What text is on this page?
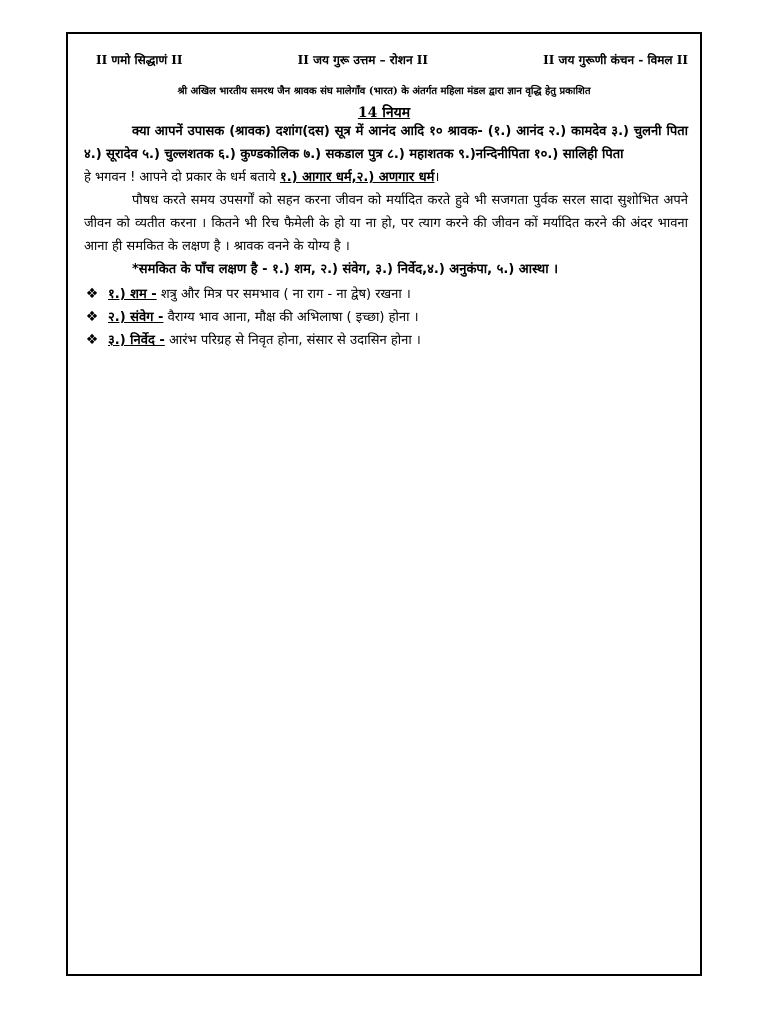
II णमो सिद्धाणं II	II जय गुरू उत्तम – रोशन II	II जय गुरूणी कंचन - विमल II
श्री अखिल भारतीय समरथ जैन श्रावक संघ मालेगाँव (भारत) के अंतर्गत महिला मंडल द्वारा ज्ञान वृद्धि हेतु प्रकाशित
14 नियम

क्या आपनें उपासक (श्रावक) दशांग(दस) सूत्र में आनंद आदि १० श्रावक- (१.) आनंद २.) कामदेव ३.) चुलनी पिता ४.) सूरादेव ५.) चुल्लशतक ६.) कुण्डकोलिक ७.) सकडाल पुत्र ८.) महाशतक ९.)नन्दिनीपिता १०.) सालिही पिता

हे भगवन ! आपने दो प्रकार के धर्म बताये १.) आगार धर्म,२.) अणगार धर्म।

पौषध करते समय उपसर्गों को सहन करना जीवन को मर्यादित करते हुवे भी सजगता पुर्वक सरल सादा सुशोभित अपने जीवन को व्यतीत करना । कितने भी रिच फैमेली के हो या ना हो, पर त्याग करने की जीवन कों मर्यादित करने की अंदर भावना आना ही समकित के लक्षण है । श्रावक वनने के योग्य है ।

*समकित के पाँच लक्षण है - १.) शम, २.) संवेग, ३.) निर्वेद,४.) अनुकंपा, ५.) आस्था ।

❖ १.) शम - शत्रु और मित्र पर समभाव ( ना राग - ना द्वेष) रखना ।
❖ २.) संवेग - वैराग्य भाव आना, मौक्ष की अभिलाषा ( इच्छा) होना ।
❖ ३.) निर्वेद - आरंभ परिग्रह से निवृत होना, संसार से उदासिन होना ।
